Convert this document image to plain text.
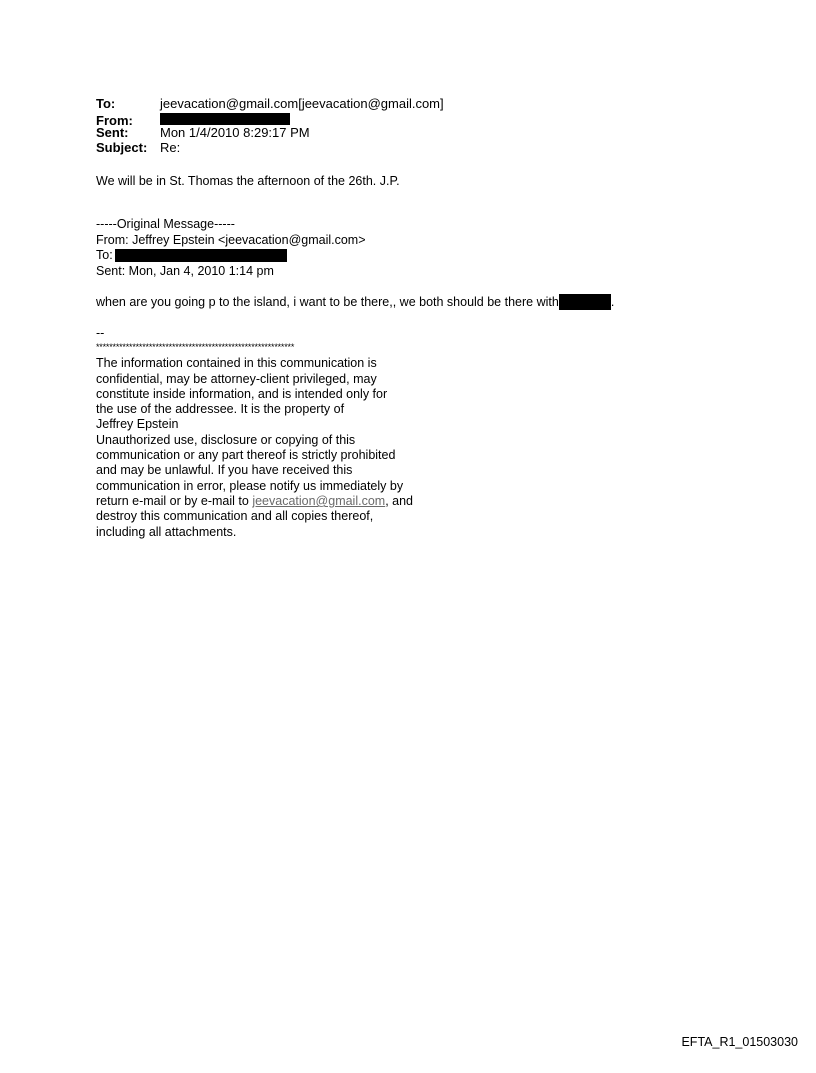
To:	jeevacation@gmail.com[jeevacation@gmail.com]
From:
Sent:	Mon 1/4/2010 8:29:17 PM
Subject: Re:
We will be in St. Thomas the afternoon of the 26th. J.P.
-----Original Message-----
From: Jeffrey Epstein <jeevacation@gmail.com>
To:
Sent: Mon, Jan 4, 2010 1:14 pm
when are you going p to the island, i want to be there,, we both should be there with	.
--
************************************************************
The information contained in this communication is
confidential, may be attorney-client privileged, may
constitute inside information, and is intended only for
the use of the addressee. It is the property of
Jeffrey Epstein
Unauthorized use, disclosure or copying of this
communication or any part thereof is strictly prohibited
and may be unlawful. If you have received this
communication in error, please notify us immediately by
return e-mail or by e-mail to jeevacation@gmail.com, and
destroy this communication and all copies thereof,
including all attachments.
EFTA_R1_01503030
